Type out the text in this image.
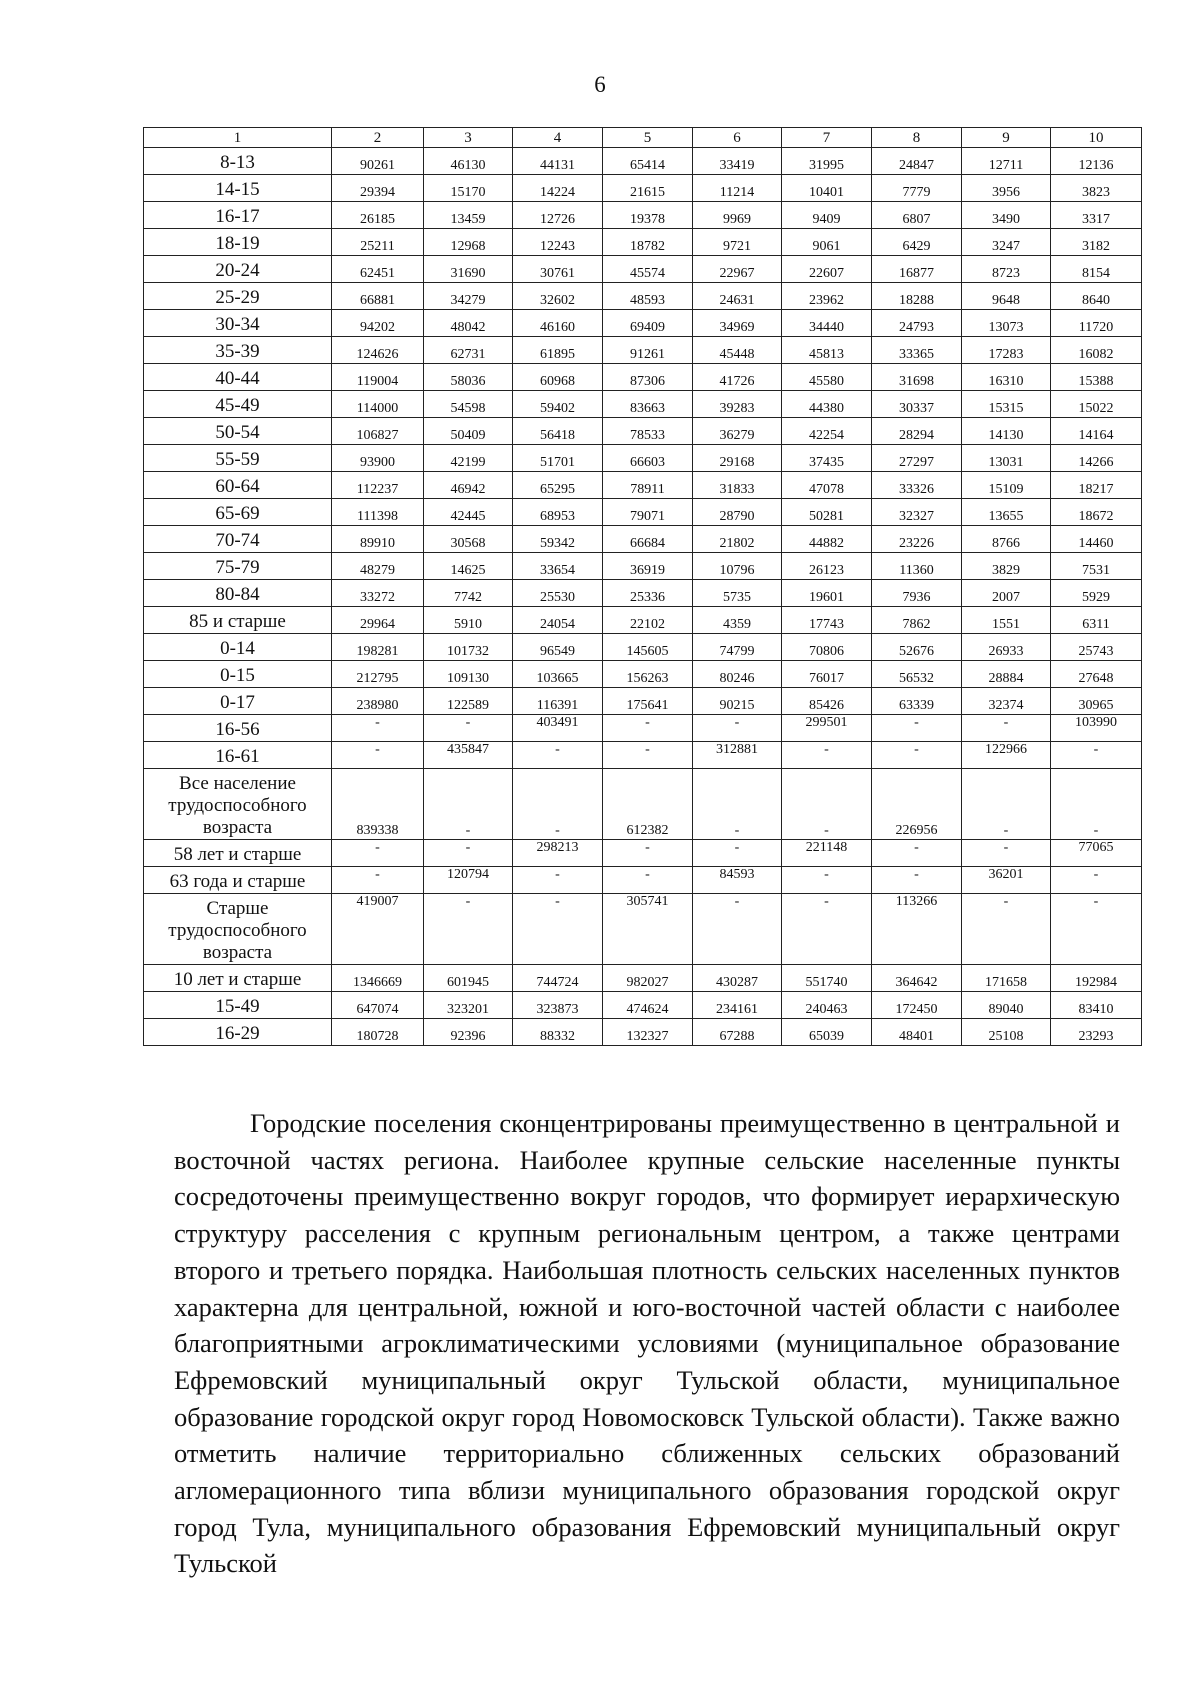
6
1	2	3	4	5	6	7	8	9	10

8-13	90261	46130	44131	65414	33419	31995	24847	12711	12136

14-15	29394	15170	14224	21615	11214	10401	7779	3956	3823

16-17	26185	13459	12726	19378	9969	9409	6807	3490	3317

18-19	25211	12968	12243	18782	9721	9061	6429	3247	3182

20-24	62451	31690	30761	45574	22967	22607	16877	8723	8154

25-29	66881	34279	32602	48593	24631	23962	18288	9648	8640

30-34	94202	48042	46160	69409	34969	34440	24793	13073	11720

35-39	124626	62731	61895	91261	45448	45813	33365	17283	16082

40-44	119004	58036	60968	87306	41726	45580	31698	16310	15388

45-49	114000	54598	59402	83663	39283	44380	30337	15315	15022

50-54	106827	50409	56418	78533	36279	42254	28294	14130	14164

55-59	93900	42199	51701	66603	29168	37435	27297	13031	14266

60-64	112237	46942	65295	78911	31833	47078	33326	15109	18217

65-69	111398	42445	68953	79071	28790	50281	32327	13655	18672

70-74	89910	30568	59342	66684	21802	44882	23226	8766	14460

75-79	48279	14625	33654	36919	10796	26123	11360	3829	7531

80-84	33272	7742	25530	25336	5735	19601	7936	2007	5929

85 и старше	29964	5910	24054	22102	4359	17743	7862	1551	6311

0-14	198281	101732	96549	145605	74799	70806	52676	26933	25743

0-15	212795	109130	103665	156263	80246	76017	56532	28884	27648

0-17	238980	122589	116391	175641	90215	85426	63339	32374	30965

16-56	-	-	403491	-	-	299501	-	-	103990

16-61	-	435847	-	-	312881	-	-	122966	-

Все население
трудоспособного
возраста	839338	-	-	612382	-	-	226956	-	-

58 лет и старше	-	-	298213	-	-	221148	-	-	77065

63 года и старше	-	120794	-	-	84593	-	-	36201	-

Старше
трудоспособного
возраста	419007	-	-	305741	-	-	113266	-	-

10 лет и старше	1346669	601945	744724	982027	430287	551740	364642	171658	192984

15-49	647074	323201	323873	474624	234161	240463	172450	89040	83410

16-29	180728	92396	88332	132327	67288	65039	48401	25108	23293

Городские поселения сконцентрированы преимущественно в центральной и восточной частях региона. Наиболее крупные сельские населенные пункты сосредоточены преимущественно вокруг городов, что формирует иерархическую структуру расселения с крупным региональным центром, а также центрами второго и третьего порядка. Наибольшая плотность сельских населенных пунктов характерна для центральной, южной и юго-восточной частей области с наиболее благоприятными агроклиматическими условиями (муниципальное образование Ефремовский муниципальный округ Тульской области, муниципальное образование городской округ город Новомосковск Тульской области). Также важно отметить наличие территориально сближенных сельских образований агломерационного типа вблизи муниципального образования городской округ город Тула, муниципального образования Ефремовский муниципальный округ Тульской
